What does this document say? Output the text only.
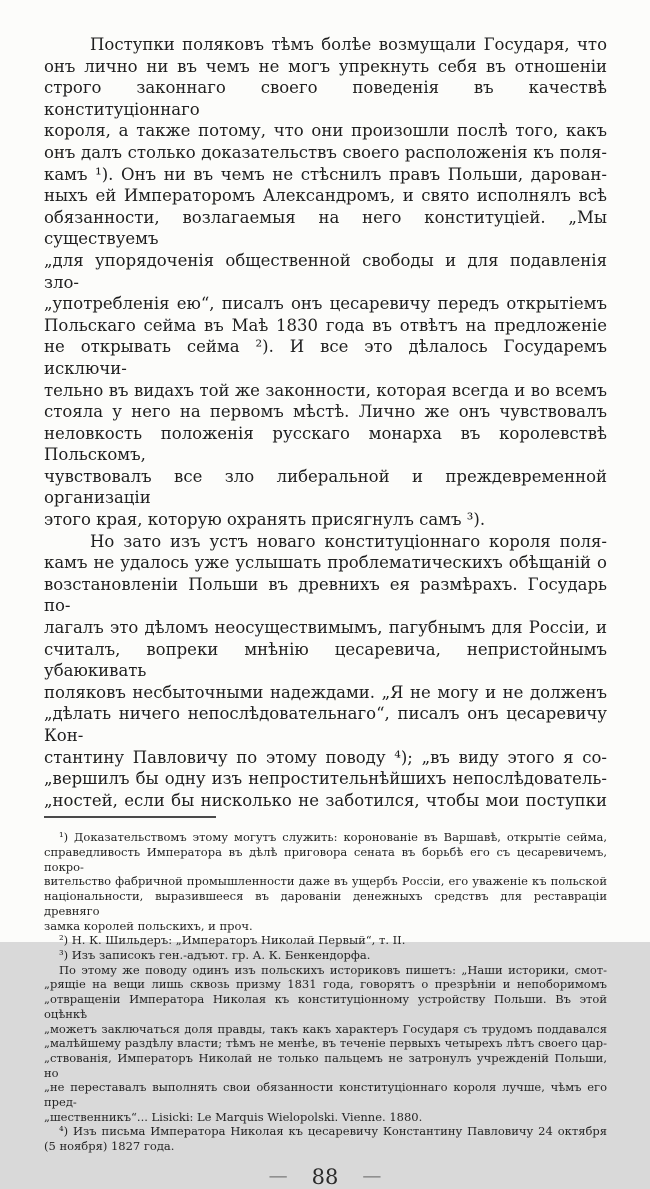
Поступки поляковъ тѣмъ болѣе возмущали Государя, что
онъ лично ни въ чемъ не могъ упрекнуть себя въ отношеніи
строго законнаго своего поведенія въ качествѣ конституціоннаго
короля, а также потому, что они произошли послѣ того, какъ
онъ далъ столько доказательствъ своего расположенія къ поля-
камъ ¹). Онъ ни въ чемъ не стѣснилъ правъ Польши, дарован-
ныхъ ей Императоромъ Александромъ, и свято исполнялъ всѣ
обязанности, возлагаемыя на него конституціей. „Мы существуемъ
„для упорядоченія общественной свободы и для подавленія зло-
„употребленія ею“, писалъ онъ цесаревичу передъ открытіемъ
Польскаго сейма въ Маѣ 1830 года въ отвѣтъ на предложеніе
не открывать сейма ²). И все это дѣлалось Государемъ исключи-
тельно въ видахъ той же законности, которая всегда и во всемъ
стояла у него на первомъ мѣстѣ. Лично же онъ чувствовалъ
неловкость положенія русскаго монарха въ королевствѣ Польскомъ,
чувствовалъ все зло либеральной и преждевременной организаціи
этого края, которую охранять присягнулъ самъ ³).
Но зато изъ устъ новаго конституціоннаго короля поля-
камъ не удалось уже услышать проблематическихъ обѣщаній о
возстановленіи Польши въ древнихъ ея размѣрахъ. Государь по-
лагалъ это дѣломъ неосуществимымъ, пагубнымъ для Россіи, и
считалъ, вопреки мнѣнію цесаревича, непристойнымъ убаюкивать
поляковъ несбыточными надеждами. „Я не могу и не долженъ
„дѣлать ничего непослѣдовательнаго“, писалъ онъ цесаревичу Кон-
стантину Павловичу по этому поводу ⁴); „въ виду этого я со-
„вершилъ бы одну изъ непростительнѣйшихъ непослѣдователь-
„ностей, если бы нисколько не заботился, чтобы мои поступки
¹) Доказательствомъ этому могутъ служить: коронованіе въ Варшавѣ, открытіе сейма,
справедливость Императора въ дѣлѣ приговора сената въ борьбѣ его съ цесаревичемъ, покро-
вительство фабричной промышленности даже въ ущербъ Россіи, его уваженіе къ польской
національности, выразившееся въ дарованіи денежныхъ средствъ для реставраціи древняго
замка королей польскихъ, и проч.
²) Н. К. Шильдеръ: „Императоръ Николай Первый“, т. II.
³) Изъ записокъ ген.-адъют. гр. А. К. Бенкендорфа.
По этому же поводу одинъ изъ польскихъ историковъ пишетъ: „Наши историки, смот-
„рящіе на вещи лишь сквозь призму 1831 года, говорятъ о презрѣніи и непоборимомъ
„отвращеніи Императора Николая къ конституціонному устройству Польши. Въ этой оцѣнкѣ
„можетъ заключаться доля правды, такъ какъ характеръ Государя съ трудомъ поддавался
„малѣйшему раздѣлу власти; тѣмъ не менѣе, въ теченіе первыхъ четырехъ лѣтъ своего цар-
„ствованія, Императоръ Николай не только пальцемъ не затронулъ учрежденій Польши, но
„не переставалъ выполнять свои обязанности конституціоннаго короля лучше, чѣмъ его пред-
„шественникъ“... Lisicki: Le Marquis Wielopolski. Vienne. 1880.
⁴) Изъ письма Императора Николая къ цесаревичу Константину Павловичу 24 октября
(5 ноября) 1827 года.
— 88 —
